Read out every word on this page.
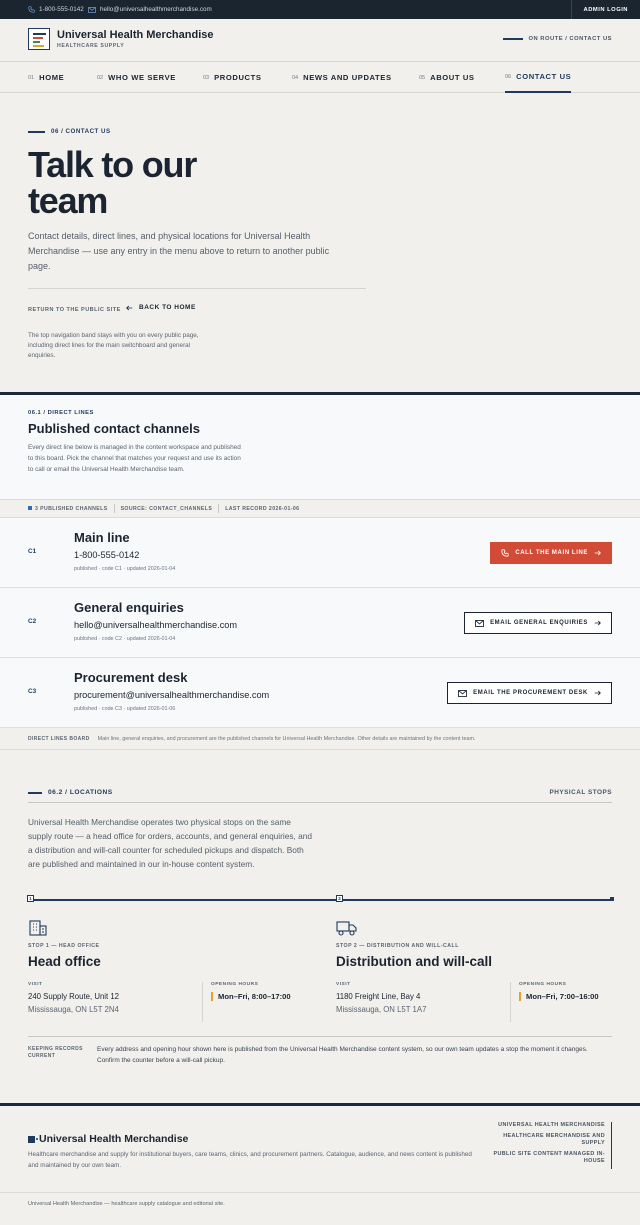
1-800-555-0142	hello@universalhealthmerchandise.com	ADMIN LOGIN
Universal Health Merchandise
HEALTHCARE SUPPLY
ON ROUTE / CONTACT US
01 HOME	02 WHO WE SERVE	03 PRODUCTS	04 NEWS AND UPDATES	05 ABOUT US	06 CONTACT US
06 / CONTACT US
Talk to our team

Contact details, direct lines, and physical locations for Universal Health Merchandise — use any entry in the menu above to return to another public page.

RETURN TO THE PUBLIC SITE	BACK TO HOME

The top navigation band stays with you on every public page, including direct lines for the main switchboard and general enquiries.

06.1 / DIRECT LINES
Published contact channels

Every direct line below is managed in the content workspace and published to this board. Pick the channel that matches your request and use its action to call or email the Universal Health Merchandise team.

3 PUBLISHED CHANNELS	SOURCE: CONTACT_CHANNELS	LAST RECORD 2026-01-06
C1
Main line
1-800-555-0142
published · code C1 · updated 2026-01-04
CALL THE MAIN LINE
C2
General enquiries
hello@universalhealthmerchandise.com
published · code C2 · updated 2026-01-04
EMAIL GENERAL ENQUIRIES
C3
Procurement desk
procurement@universalhealthmerchandise.com
published · code C3 · updated 2026-01-06
EMAIL THE PROCUREMENT DESK
DIRECT LINES BOARD Main line, general enquiries, and procurement are the published channels for Universal Health Merchandise. Other details are maintained by the content team.
06.2 / LOCATIONS	PHYSICAL STOPS

Universal Health Merchandise operates two physical stops on the same supply route — a head office for orders, accounts, and general enquiries, and a distribution and will-call counter for scheduled pickups and dispatch. Both are published and maintained in our in-house content system.

1	2
STOP 1 — HEAD OFFICE
Head office
VISIT
240 Supply Route, Unit 12
Mississauga, ON L5T 2N4
OPENING HOURS
Mon–Fri, 8:00–17:00
STOP 2 — DISTRIBUTION AND WILL-CALL
Distribution and will-call
VISIT
1180 Freight Line, Bay 4
Mississauga, ON L5T 1A7
OPENING HOURS
Mon–Fri, 7:00–16:00
KEEPING RECORDS CURRENT

Every address and opening hour shown here is published from the Universal Health Merchandise content system, so our own team updates a stop the moment it changes. Confirm the counter before a will-call pickup.

Universal Health Merchandise

Healthcare merchandise and supply for institutional buyers, care teams, clinics, and procurement partners. Catalogue, audience, and news content is published and maintained by our own team.

UNIVERSAL HEALTH MERCHANDISE
HEALTHCARE MERCHANDISE AND SUPPLY
PUBLIC SITE CONTENT MANAGED IN-HOUSE
Universal Health Merchandise — healthcare supply catalogue and editorial site.
